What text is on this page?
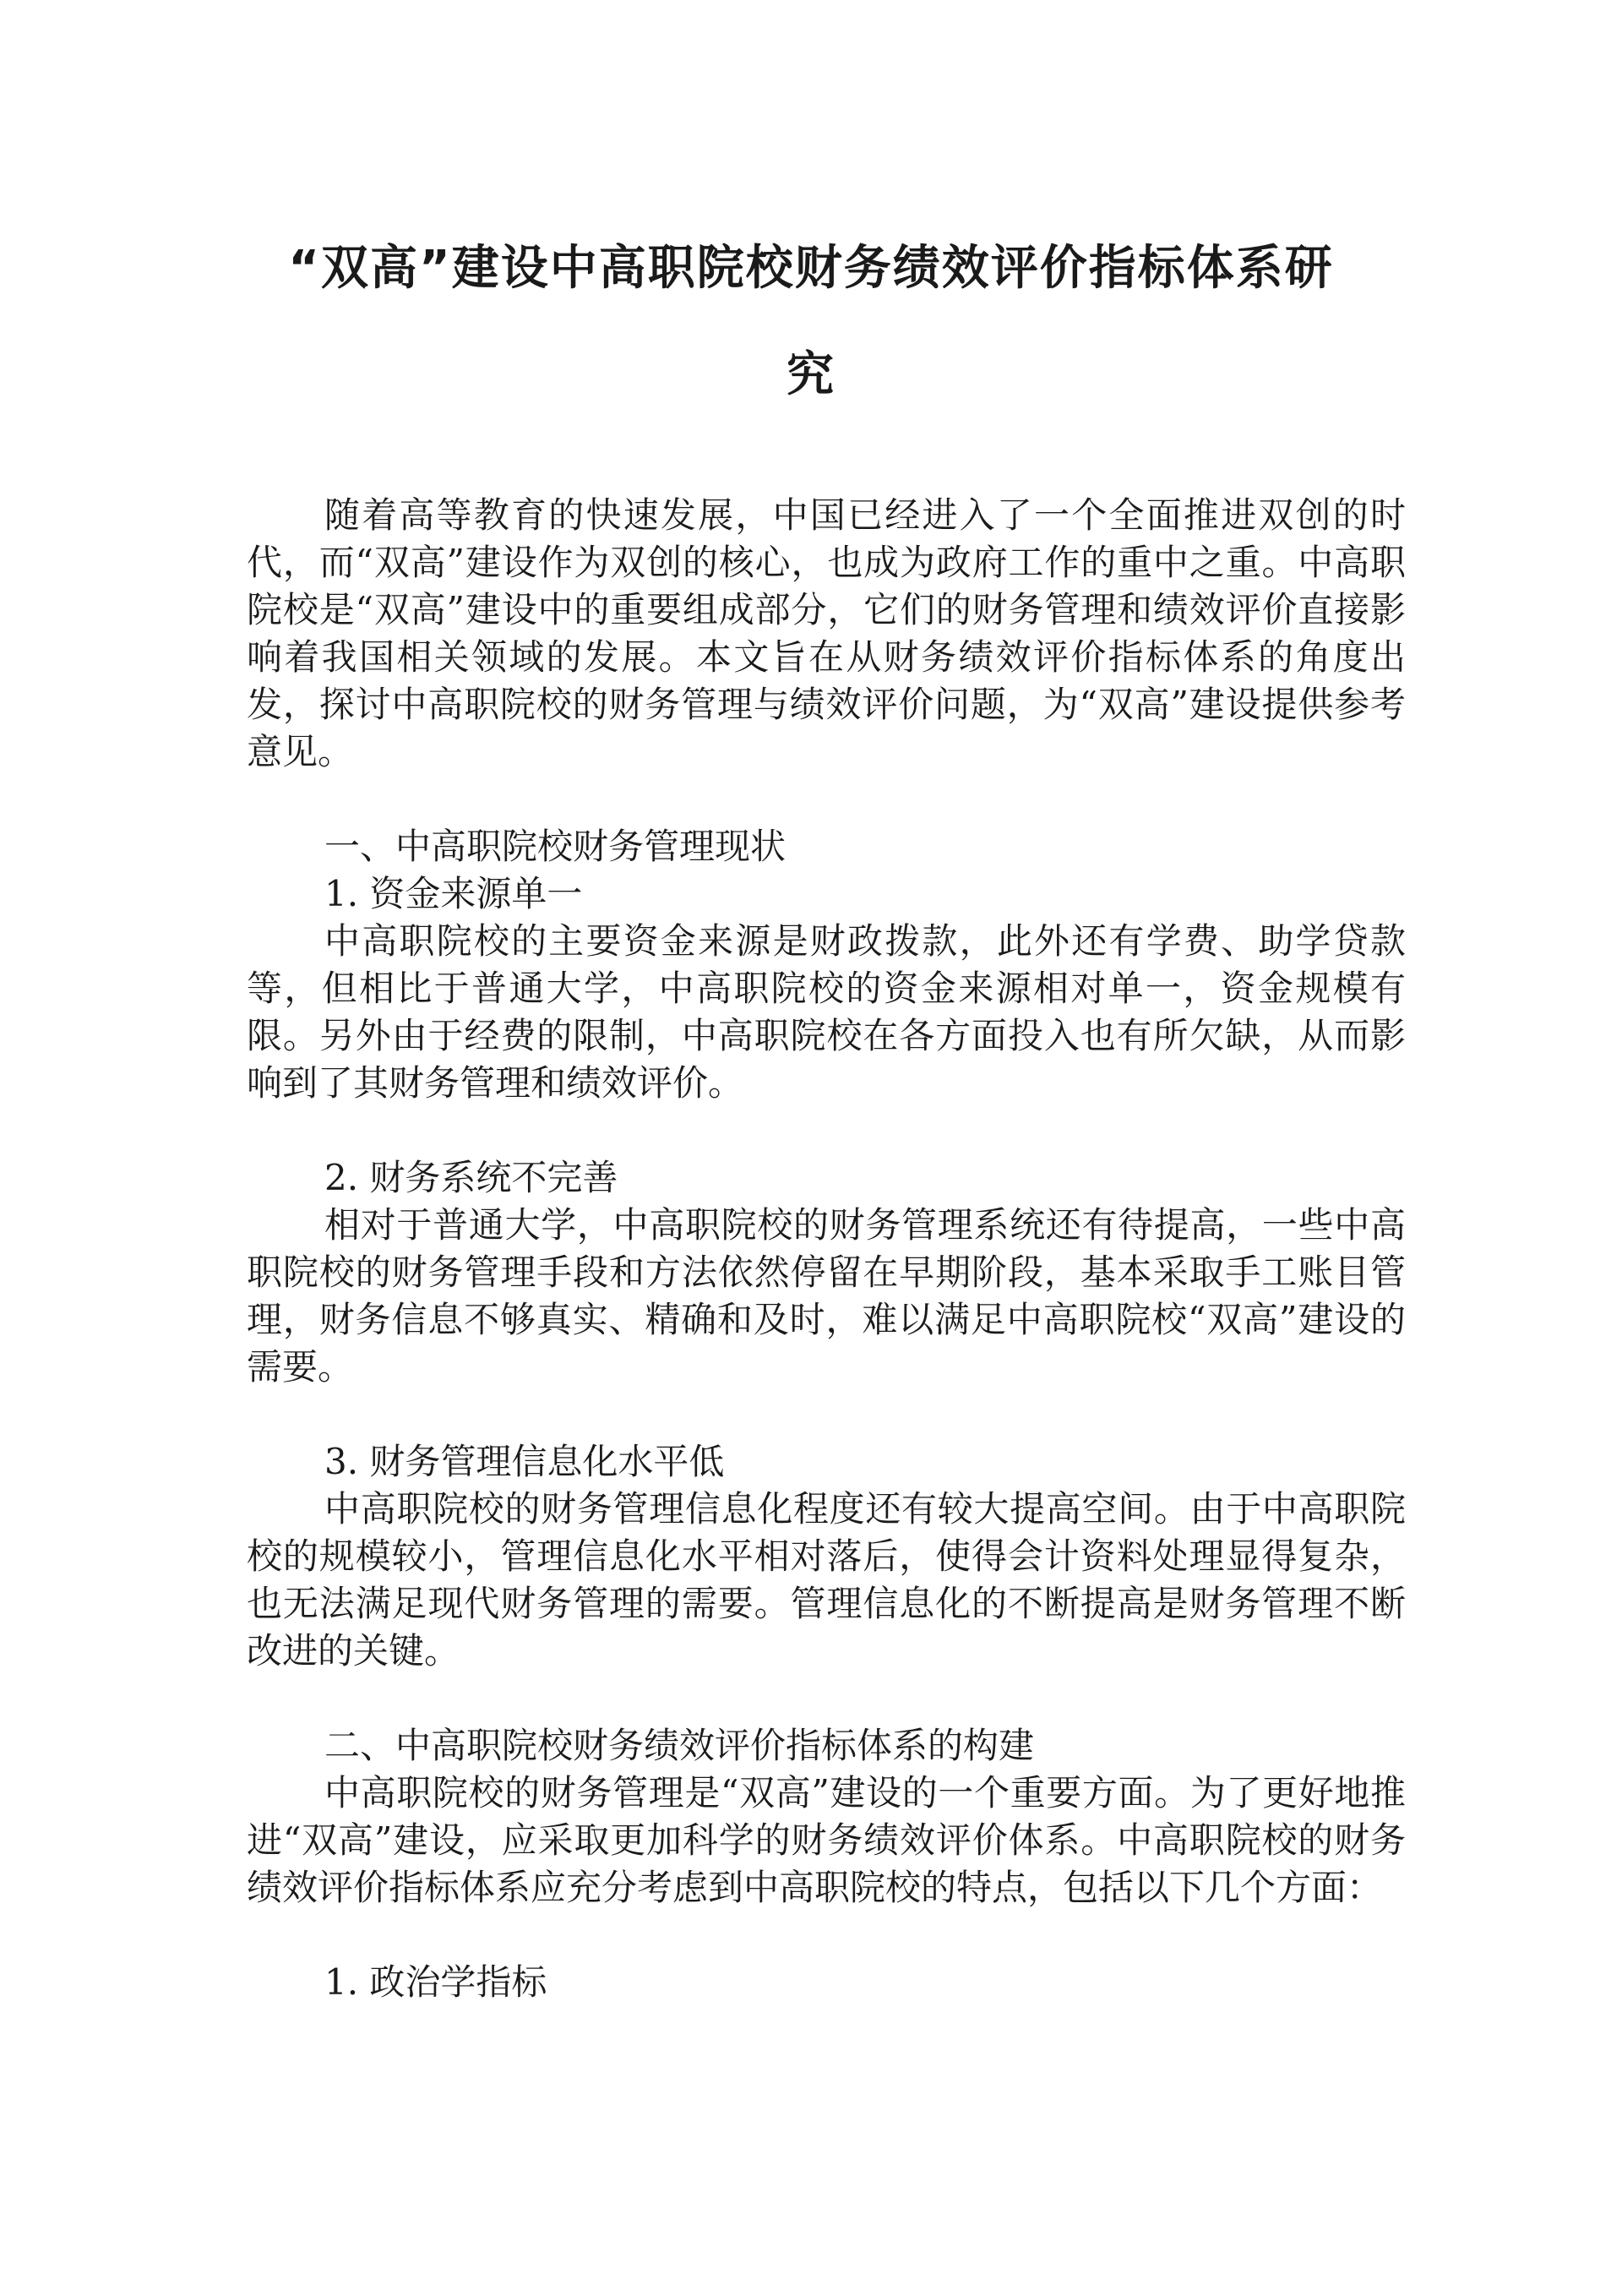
“双高”建设中高职院校财务绩效评价指标体系研
究

随着高等教育的快速发展，中国已经进入了一个全面推进双创的时代，而“双高”建设作为双创的核心，也成为政府工作的重中之重。中高职院校是“双高”建设中的重要组成部分，它们的财务管理和绩效评价直接影响着我国相关领域的发展。本文旨在从财务绩效评价指标体系的角度出发，探讨中高职院校的财务管理与绩效评价问题，为“双高”建设提供参考意见。

一、中高职院校财务管理现状

1. 资金来源单一

中高职院校的主要资金来源是财政拨款，此外还有学费、助学贷款等，但相比于普通大学，中高职院校的资金来源相对单一，资金规模有限。另外由于经费的限制，中高职院校在各方面投入也有所欠缺，从而影响到了其财务管理和绩效评价。

2. 财务系统不完善

相对于普通大学，中高职院校的财务管理系统还有待提高，一些中高职院校的财务管理手段和方法依然停留在早期阶段，基本采取手工账目管理，财务信息不够真实、精确和及时，难以满足中高职院校“双高”建设的需要。

3. 财务管理信息化水平低

中高职院校的财务管理信息化程度还有较大提高空间。由于中高职院校的规模较小，管理信息化水平相对落后，使得会计资料处理显得复杂，也无法满足现代财务管理的需要。管理信息化的不断提高是财务管理不断改进的关键。

二、中高职院校财务绩效评价指标体系的构建

中高职院校的财务管理是“双高”建设的一个重要方面。为了更好地推进“双高”建设，应采取更加科学的财务绩效评价体系。中高职院校的财务绩效评价指标体系应充分考虑到中高职院校的特点，包括以下几个方面：

1. 政治学指标
